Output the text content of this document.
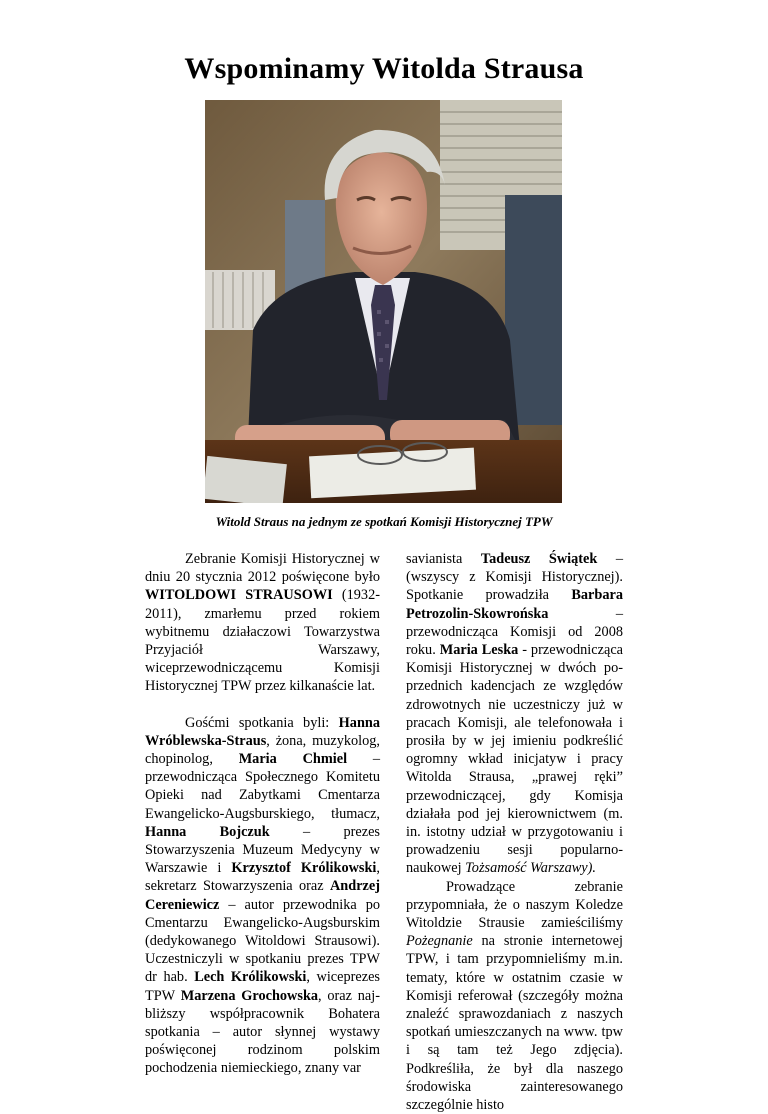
Wspominamy Witolda Strausa

Witold Straus na jednym ze spotkań Komisji Historycznej TPW

Zebranie Komisji Historycznej w dniu 20 stycznia 2012 poświęcone było WITOLDOWI STRAUSOWI (1932-2011), zmarłemu przed rokiem wybitnemu działaczowi Towarzystwa Przyjaciół Warszawy, wiceprzewodniczącemu Komisji Historycznej TPW przez kilkanaście lat.

Gośćmi spotkania byli: Hanna Wróblewska-Straus, żona, muzykolog, chopinolog, Maria Chmiel – przewodnicząca Społecznego Komitetu Opieki nad Zabytkami Cmentarza Ewangelicko-Augsburskiego, tłumacz, Hanna Bojczuk – prezes Stowarzyszenia Muzeum Medycyny w Warszawie i Krzysztof Królikowski, sekretarz Stowarzyszenia oraz Andrzej Cereniewicz – autor przewodnika po Cmentarzu Ewangelicko-Augsburskim (dedykowanego Witoldowi Strausowi). Uczestniczyli w spotkaniu prezes TPW dr hab. Lech Królikowski, wiceprezes TPW Marzena Grochowska, oraz najbliższy współpracownik Bohatera spotkania – autor słynnej wystawy poświęconej rodzinom polskim pochodzenia niemieckiego, znany var

savianista Tadeusz Świątek – (wszyscy z Komisji Historycznej). Spotkanie prowadziła Barbara Petrozolin-Skowrońska – przewodnicząca Komisji od 2008 roku. Maria Leska - przewodnicząca Komisji Historycznej w dwóch poprzednich kadencjach ze względów zdrowotnych nie uczestniczy już w pracach Komisji, ale telefonowała i prosiła by w jej imieniu podkreślić ogromny wkład inicjatyw i pracy Witolda Strausa, „prawej ręki” przewodniczącej, gdy Komisja działała pod jej kierownictwem (m. in. istotny udział w przygotowaniu i prowadzeniu sesji popularno-naukowej Tożsamość Warszawy).

Prowadzące zebranie przypomniała, że o naszym Koledze Witoldzie Strausie zamieściliśmy Pożegnanie na stronie internetowej TPW, i tam przypomnieliśmy m.in. tematy, które w ostatnim czasie w Komisji referował (szczegóły można znaleźć sprawozdaniach z naszych spotkań umieszczanych na www. tpw i są tam też Jego zdjęcia). Podkreśliła, że był dla naszego środowiska zainteresowanego szczególnie histo
